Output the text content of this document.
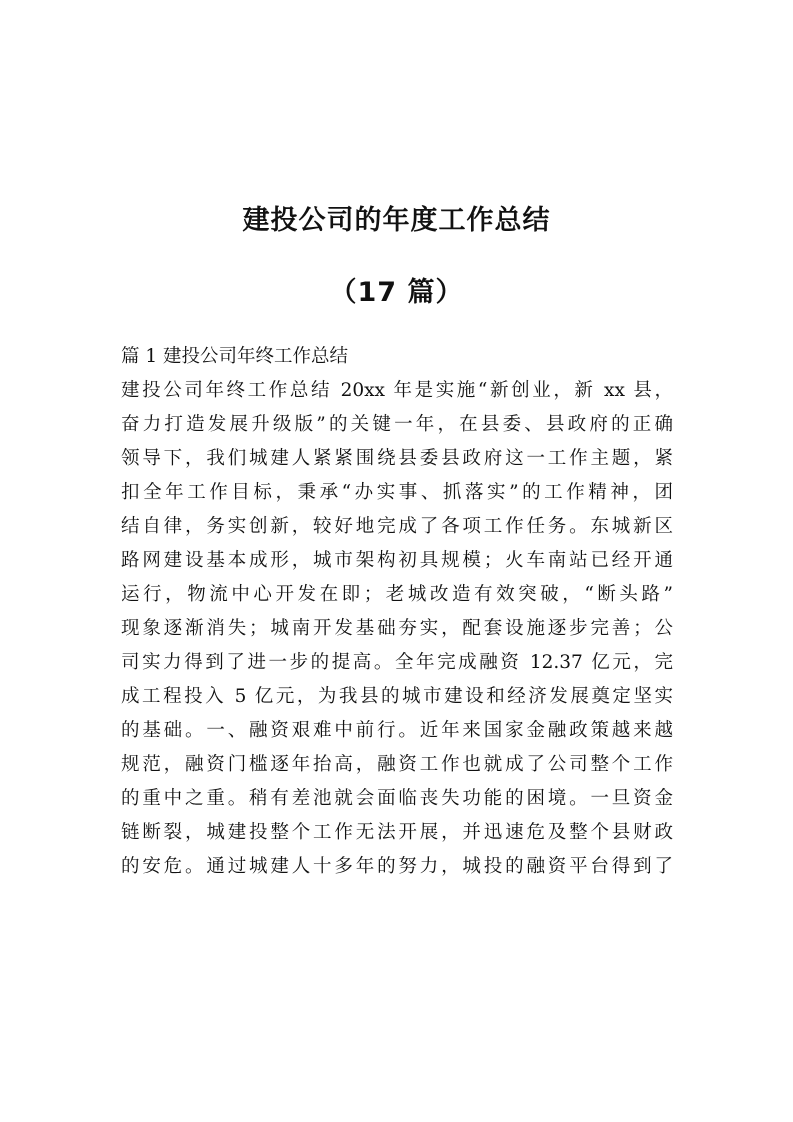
建投公司的年度工作总结
（17 篇）
篇 1 建投公司年终工作总结
建投公司年终工作总结 20xx 年是实施“新创业，新 xx 县，
奋力打造发展升级版”的关键一年，在县委、县政府的正确
领导下，我们城建人紧紧围绕县委县政府这一工作主题，紧
扣全年工作目标，秉承“办实事、抓落实”的工作精神，团
结自律，务实创新，较好地完成了各项工作任务。东城新区
路网建设基本成形，城市架构初具规模；火车南站已经开通
运行，物流中心开发在即；老城改造有效突破，“断头路”
现象逐渐消失；城南开发基础夯实，配套设施逐步完善；公
司实力得到了进一步的提高。全年完成融资 12.37 亿元，完
成工程投入 5 亿元，为我县的城市建设和经济发展奠定坚实
的基础。一、融资艰难中前行。近年来国家金融政策越来越
规范，融资门槛逐年抬高，融资工作也就成了公司整个工作
的重中之重。稍有差池就会面临丧失功能的困境。一旦资金
链断裂，城建投整个工作无法开展，并迅速危及整个县财政
的安危。通过城建人十多年的努力，城投的融资平台得到了
